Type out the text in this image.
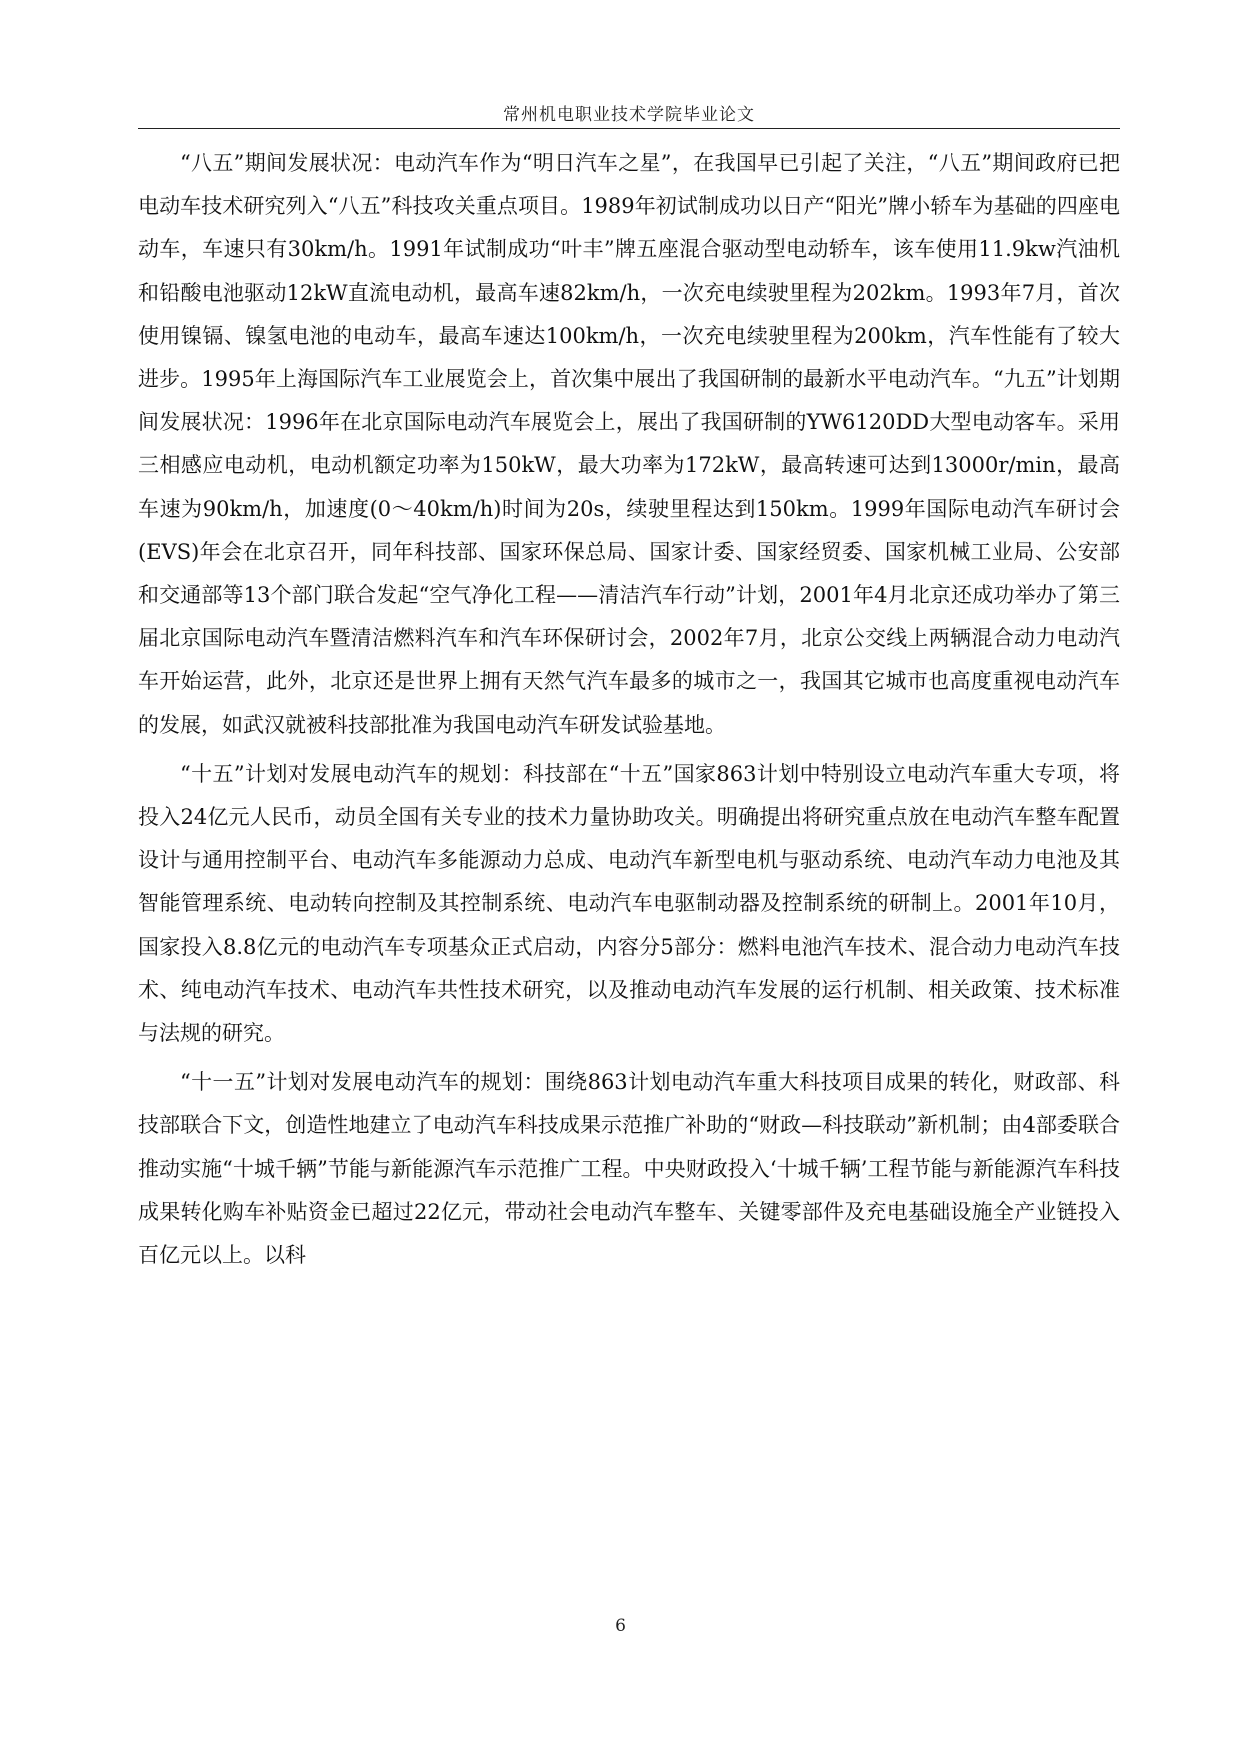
常州机电职业技术学院毕业论文

“八五”期间发展状况：电动汽车作为“明日汽车之星”，在我国早已引起了关注，“八五”期间政府已把电动车技术研究列入“八五”科技攻关重点项目。1989年初试制成功以日产“阳光”牌小轿车为基础的四座电动车，车速只有30km/h。1991年试制成功“叶丰”牌五座混合驱动型电动轿车，该车使用11.9kw汽油机和铅酸电池驱动12kW直流电动机，最高车速82km/h，一次充电续驶里程为202km。1993年7月，首次使用镍镉、镍氢电池的电动车，最高车速达100km/h，一次充电续驶里程为200km，汽车性能有了较大进步。1995年上海国际汽车工业展览会上，首次集中展出了我国研制的最新水平电动汽车。“九五”计划期间发展状况：1996年在北京国际电动汽车展览会上，展出了我国研制的YW6120DD大型电动客车。采用三相感应电动机，电动机额定功率为150kW，最大功率为172kW，最高转速可达到13000r/min，最高车速为90km/h，加速度(0～40km/h)时间为20s，续驶里程达到150km。1999年国际电动汽车研讨会(EVS)年会在北京召开，同年科技部、国家环保总局、国家计委、国家经贸委、国家机械工业局、公安部和交通部等13个部门联合发起“空气净化工程——清洁汽车行动”计划，2001年4月北京还成功举办了第三届北京国际电动汽车暨清洁燃料汽车和汽车环保研讨会，2002年7月，北京公交线上两辆混合动力电动汽车开始运营，此外，北京还是世界上拥有天然气汽车最多的城市之一，我国其它城市也高度重视电动汽车的发展，如武汉就被科技部批准为我国电动汽车研发试验基地。

“十五”计划对发展电动汽车的规划：科技部在“十五”国家863计划中特别设立电动汽车重大专项，将投入24亿元人民币，动员全国有关专业的技术力量协助攻关。明确提出将研究重点放在电动汽车整车配置设计与通用控制平台、电动汽车多能源动力总成、电动汽车新型电机与驱动系统、电动汽车动力电池及其智能管理系统、电动转向控制及其控制系统、电动汽车电驱制动器及控制系统的研制上。2001年10月，国家投入8.8亿元的电动汽车专项基众正式启动，内容分5部分：燃料电池汽车技术、混合动力电动汽车技术、纯电动汽车技术、电动汽车共性技术研究，以及推动电动汽车发展的运行机制、相关政策、技术标准与法规的研究。

“十一五”计划对发展电动汽车的规划：围绕863计划电动汽车重大科技项目成果的转化，财政部、科技部联合下文，创造性地建立了电动汽车科技成果示范推广补助的“财政—科技联动”新机制；由4部委联合推动实施“十城千辆”节能与新能源汽车示范推广工程。中央财政投入‘十城千辆’工程节能与新能源汽车科技成果转化购车补贴资金已超过22亿元，带动社会电动汽车整车、关键零部件及充电基础设施全产业链投入百亿元以上。以科

6
